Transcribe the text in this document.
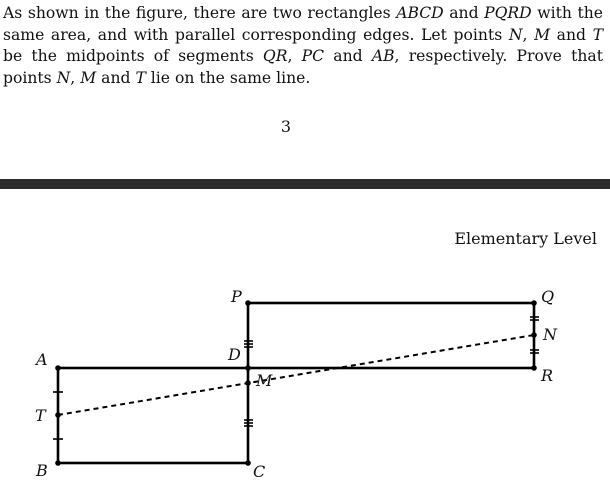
As shown in the figure, there are two rectangles ABCD and PQRD with the same area, and with parallel corresponding edges. Let points N, M and T be the midpoints of segments QR, PC and AB, respectively. Prove that points N, M and T lie on the same line.

3
Elementary Level
A
B	C
D
P	Q
R
M
N
T
